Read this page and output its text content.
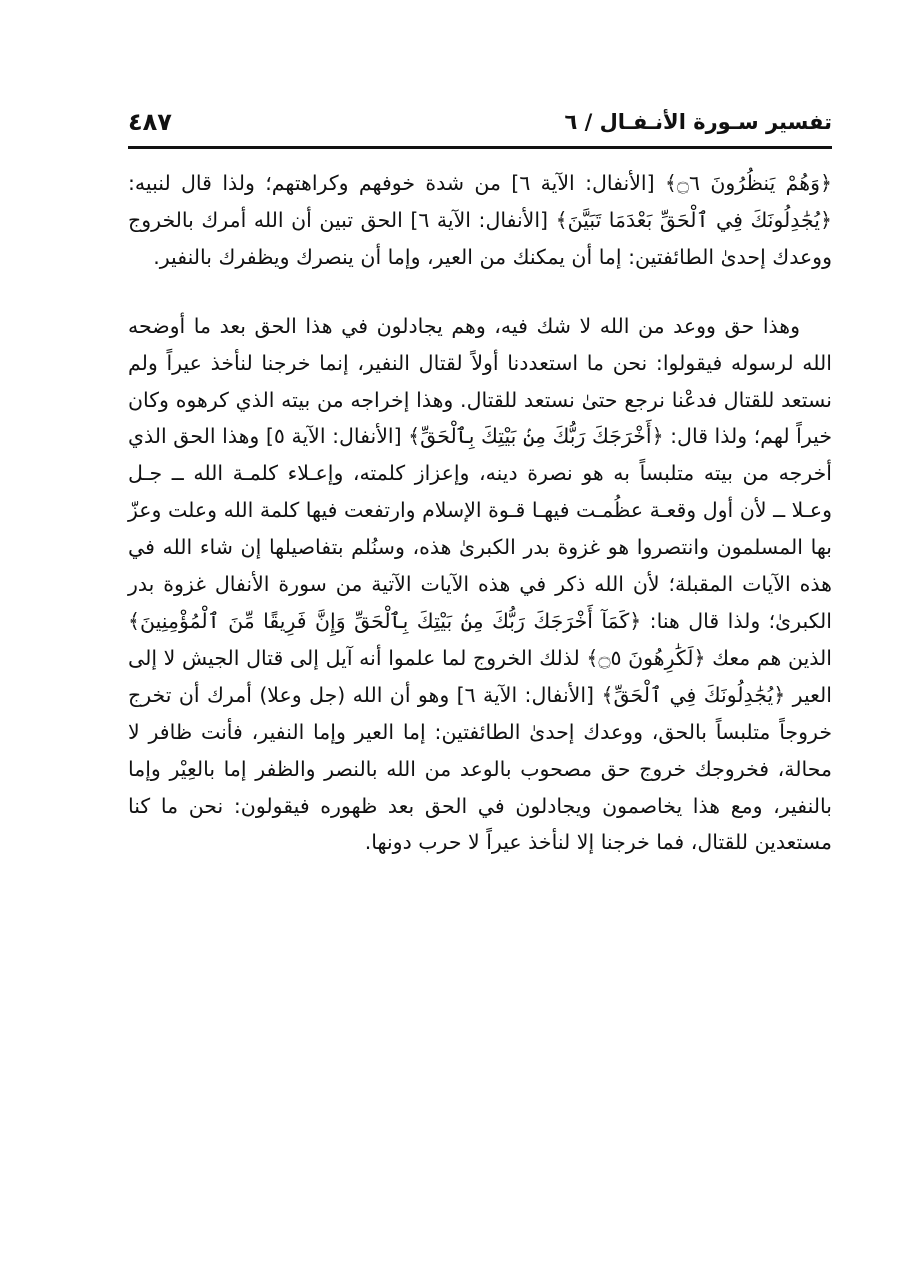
تفسير سـورة الأنـفـال / ٦
٤٨٧

﴿وَهُمْ يَنظُرُونَ ۝٦﴾ [الأنفال: الآية ٦] من شدة خوفهم وكراهتهم؛ ولذا قال لنبيه: ﴿يُجَٰدِلُونَكَ فِي ٱلْحَقِّ بَعْدَمَا تَبَيَّنَ﴾ [الأنفال: الآية ٦] الحق تبين أن الله أمرك بالخروج ووعدك إحدىٰ الطائفتين: إما أن يمكنك من العير، وإما أن ينصرك ويظفرك بالنفير.

وهذا حق ووعد من الله لا شك فيه، وهم يجادلون في هذا الحق بعد ما أوضحه الله لرسوله فيقولوا: نحن ما استعددنا أولاً لقتال النفير، إنما خرجنا لنأخذ عيراً ولم نستعد للقتال فدعْنا نرجع حتىٰ نستعد للقتال. وهذا إخراجه من بيته الذي كرهوه وكان خيراً لهم؛ ولذا قال: ﴿أَخْرَجَكَ رَبُّكَ مِنۢ بَيْتِكَ بِٱلْحَقِّ﴾ [الأنفال: الآية ٥] وهذا الحق الذي أخرجه من بيته متلبساً به هو نصرة دينه، وإعزاز كلمته، وإعـلاء كلمـة الله ــ جـل وعـلا ــ لأن أول وقعـة عظُمـت فيهـا قـوة الإسلام وارتفعت فيها كلمة الله وعلت وعزّ بها المسلمون وانتصروا هو غزوة بدر الكبرىٰ هذه، وسنُلم بتفاصيلها إن شاء الله في هذه الآيات المقبلة؛ لأن الله ذكر في هذه الآيات الآتية من سورة الأنفال غزوة بدر الكبرىٰ؛ ولذا قال هنا: ﴿كَمَآ أَخْرَجَكَ رَبُّكَ مِنۢ بَيْتِكَ بِٱلْحَقِّ وَإِنَّ فَرِيقًا مِّنَ ٱلْمُؤْمِنِينَ﴾ الذين هم معك ﴿لَكَٰرِهُونَ ۝٥﴾ لذلك الخروج لما علموا أنه آيل إلى قتال الجيش لا إلى العير ﴿يُجَٰدِلُونَكَ فِي ٱلْحَقِّ﴾ [الأنفال: الآية ٦] وهو أن الله (جل وعلا) أمرك أن تخرج خروجاً متلبساً بالحق، ووعدك إحدىٰ الطائفتين: إما العير وإما النفير، فأنت ظافر لا محالة، فخروجك خروج حق مصحوب بالوعد من الله بالنصر والظفر إما بالعِيْر وإما بالنفير، ومع هذا يخاصمون ويجادلون في الحق بعد ظهوره فيقولون: نحن ما كنا مستعدين للقتال، فما خرجنا إلا لنأخذ عيراً لا حرب دونها.
